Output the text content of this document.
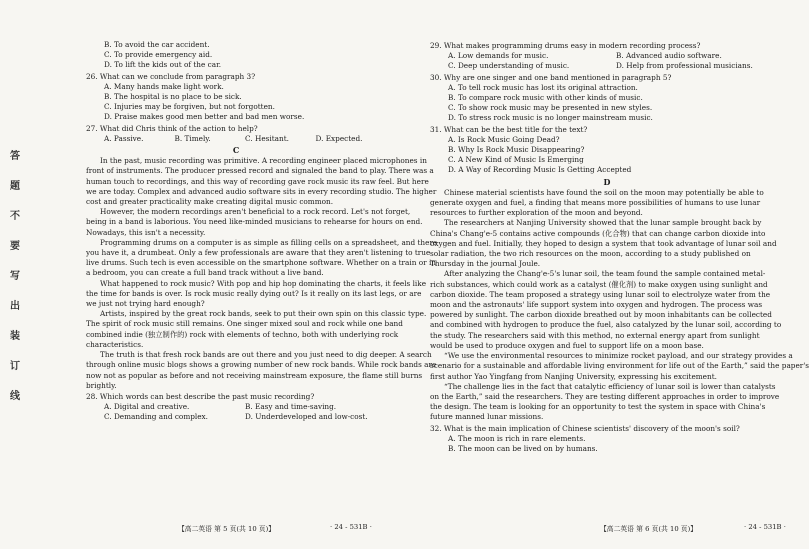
答
题
不
要
写
出
装
订
线
B. To avoid the car accident.
C. To provide emergency aid.
D. To lift the kids out of the car.
26. What can we conclude from paragraph 3?
A. Many hands make light work.
B. The hospital is no place to be sick.
C. Injuries may be forgiven, but not forgotten.
D. Praise makes good men better and bad men worse.
27. What did Chris think of the action to help?
A. Passive.	B. Timely.	C. Hesitant.	D. Expected.
C
In the past, music recording was primitive. A recording engineer placed microphones in
front of instruments. The producer pressed record and signaled the band to play. There was a
human touch to recordings, and this way of recording gave rock music its raw feel. But here
we are today. Complex and advanced audio software sits in every recording studio. The higher
cost and greater practicality make creating digital music common.
However, the modern recordings aren't beneficial to a rock record. Let's not forget,
being in a band is laborious. You need like-minded musicians to rehearse for hours on end.
Nowadays, this isn't a necessity.
Programming drums on a computer is as simple as filling cells on a spreadsheet, and there
you have it, a drumbeat. Only a few professionals are aware that they aren't listening to true
live drums. Such tech is even accessible on the smartphone software. Whether on a train or in
a bedroom, you can create a full band track without a live band.
What happened to rock music? With pop and hip hop dominating the charts, it feels like
the time for bands is over. Is rock music really dying out? Is it really on its last legs, or are
we just not trying hard enough?
Artists, inspired by the great rock bands, seek to put their own spin on this classic type.
The spirit of rock music still remains. One singer mixed soul and rock while one band
combined indie (独立制作的) rock with elements of techno, both with underlying rock
characteristics.
The truth is that fresh rock bands are out there and you just need to dig deeper. A search
through online music blogs shows a growing number of new rock bands. While rock bands are
now not as popular as before and not receiving mainstream exposure, the flame still burns
brightly.
28. Which words can best describe the past music recording?
A. Digital and creative.	B. Easy and time-saving.
C. Demanding and complex.	D. Underdeveloped and low-cost.
【高二英语 第 5 页(共 10 页)】	· 24 - 531B ·
29. What makes programming drums easy in modern recording process?
A. Low demands for music.	B. Advanced audio software.
C. Deep understanding of music.	D. Help from professional musicians.
30. Why are one singer and one band mentioned in paragraph 5?
A. To tell rock music has lost its original attraction.
B. To compare rock music with other kinds of music.
C. To show rock music may be presented in new styles.
D. To stress rock music is no longer mainstream music.
31. What can be the best title for the text?
A. Is Rock Music Going Dead?
B. Why Is Rock Music Disappearing?
C. A New Kind of Music Is Emerging
D. A Way of Recording Music Is Getting Accepted
D
Chinese material scientists have found the soil on the moon may potentially be able to
generate oxygen and fuel, a finding that means more possibilities of humans to use lunar
resources to further exploration of the moon and beyond.
The researchers at Nanjing University showed that the lunar sample brought back by
China's Chang'e-5 contains active compounds (化合物) that can change carbon dioxide into
oxygen and fuel. Initially, they hoped to design a system that took advantage of lunar soil and
solar radiation, the two rich resources on the moon, according to a study published on
Thursday in the journal Joule.
After analyzing the Chang'e-5's lunar soil, the team found the sample contained metal-
rich substances, which could work as a catalyst (催化剂) to make oxygen using sunlight and
carbon dioxide. The team proposed a strategy using lunar soil to electrolyze water from the
moon and the astronauts' life support system into oxygen and hydrogen. The process was
powered by sunlight. The carbon dioxide breathed out by moon inhabitants can be collected
and combined with hydrogen to produce the fuel, also catalyzed by the lunar soil, according to
the study. The researchers said with this method, no external energy apart from sunlight
would be used to produce oxygen and fuel to support life on a moon base.
“We use the environmental resources to minimize rocket payload, and our strategy provides a
scenario for a sustainable and affordable living environment for life out of the Earth,” said the paper's
first author Yao Yingfang from Nanjing University, expressing his excitement.
“The challenge lies in the fact that catalytic efficiency of lunar soil is lower than catalysts
on the Earth,” said the researchers. They are testing different approaches in order to improve
the design. The team is looking for an opportunity to test the system in space with China's
future manned lunar missions.
32. What is the main implication of Chinese scientists' discovery of the moon's soil?
A. The moon is rich in rare elements.
B. The moon can be lived on by humans.
【高二英语 第 6 页(共 10 页)】	· 24 - 531B ·
